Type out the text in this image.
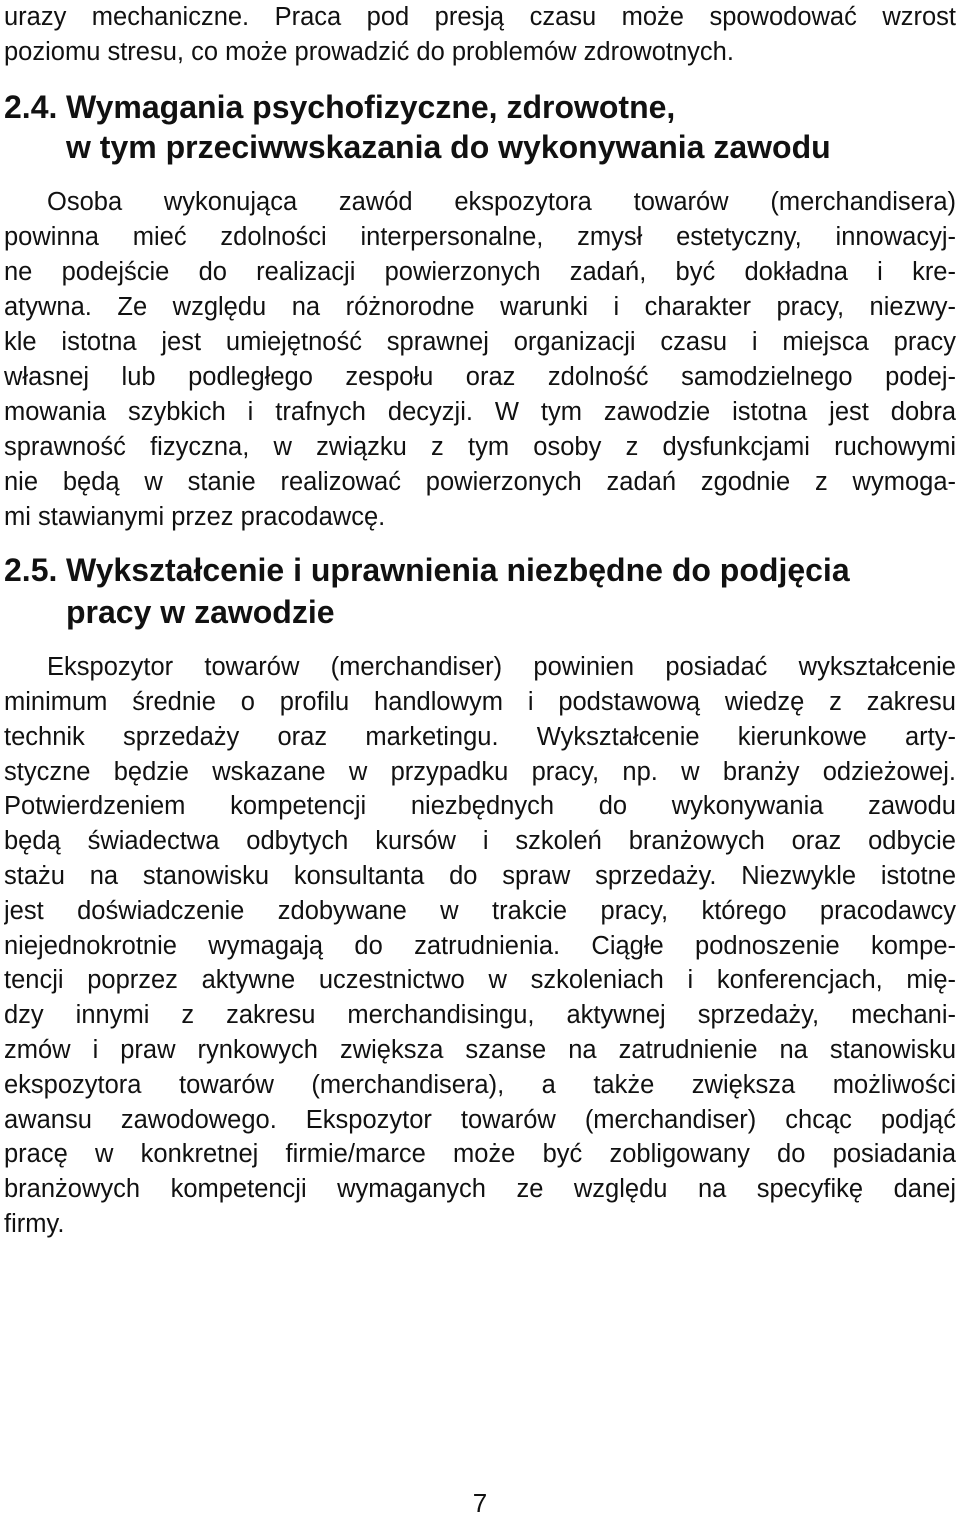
urazy mechaniczne. Praca pod presją czasu może spowodować wzrost
poziomu stresu, co może prowadzić do problemów zdrowotnych.
2.4. Wymagania psychofizyczne, zdrowotne,
w tym przeciwwskazania do wykonywania zawodu
Osoba wykonująca zawód ekspozytora towarów (merchandisera)
powinna mieć zdolności interpersonalne, zmysł estetyczny, innowacyj-
ne podejście do realizacji powierzonych zadań, być dokładna i kre-
atywna. Ze względu na różnorodne warunki i charakter pracy, niezwy-
kle istotna jest umiejętność sprawnej organizacji czasu i miejsca pracy
własnej lub podległego zespołu oraz zdolność samodzielnego podej-
mowania szybkich i trafnych decyzji. W tym zawodzie istotna jest dobra
sprawność fizyczna, w związku z tym osoby z dysfunkcjami ruchowymi
nie będą w stanie realizować powierzonych zadań zgodnie z wymoga-
mi stawianymi przez pracodawcę.
2.5. Wykształcenie i uprawnienia niezbędne do podjęcia
pracy w zawodzie
Ekspozytor towarów (merchandiser) powinien posiadać wykształcenie
minimum średnie o profilu handlowym i podstawową wiedzę z zakresu
technik sprzedaży oraz marketingu. Wykształcenie kierunkowe arty-
styczne będzie wskazane w przypadku pracy, np. w branży odzieżowej.
Potwierdzeniem kompetencji niezbędnych do wykonywania zawodu
będą świadectwa odbytych kursów i szkoleń branżowych oraz odbycie
stażu na stanowisku konsultanta do spraw sprzedaży. Niezwykle istotne
jest doświadczenie zdobywane w trakcie pracy, którego pracodawcy
niejednokrotnie wymagają do zatrudnienia. Ciągłe podnoszenie kompe-
tencji poprzez aktywne uczestnictwo w szkoleniach i konferencjach, mię-
dzy innymi z zakresu merchandisingu, aktywnej sprzedaży, mechani-
zmów i praw rynkowych zwiększa szanse na zatrudnienie na stanowisku
ekspozytora towarów (merchandisera), a także zwiększa możliwości
awansu zawodowego. Ekspozytor towarów (merchandiser) chcąc podjąć
pracę w konkretnej firmie/marce może być zobligowany do posiadania
branżowych kompetencji wymaganych ze względu na specyfikę danej
firmy.
7
